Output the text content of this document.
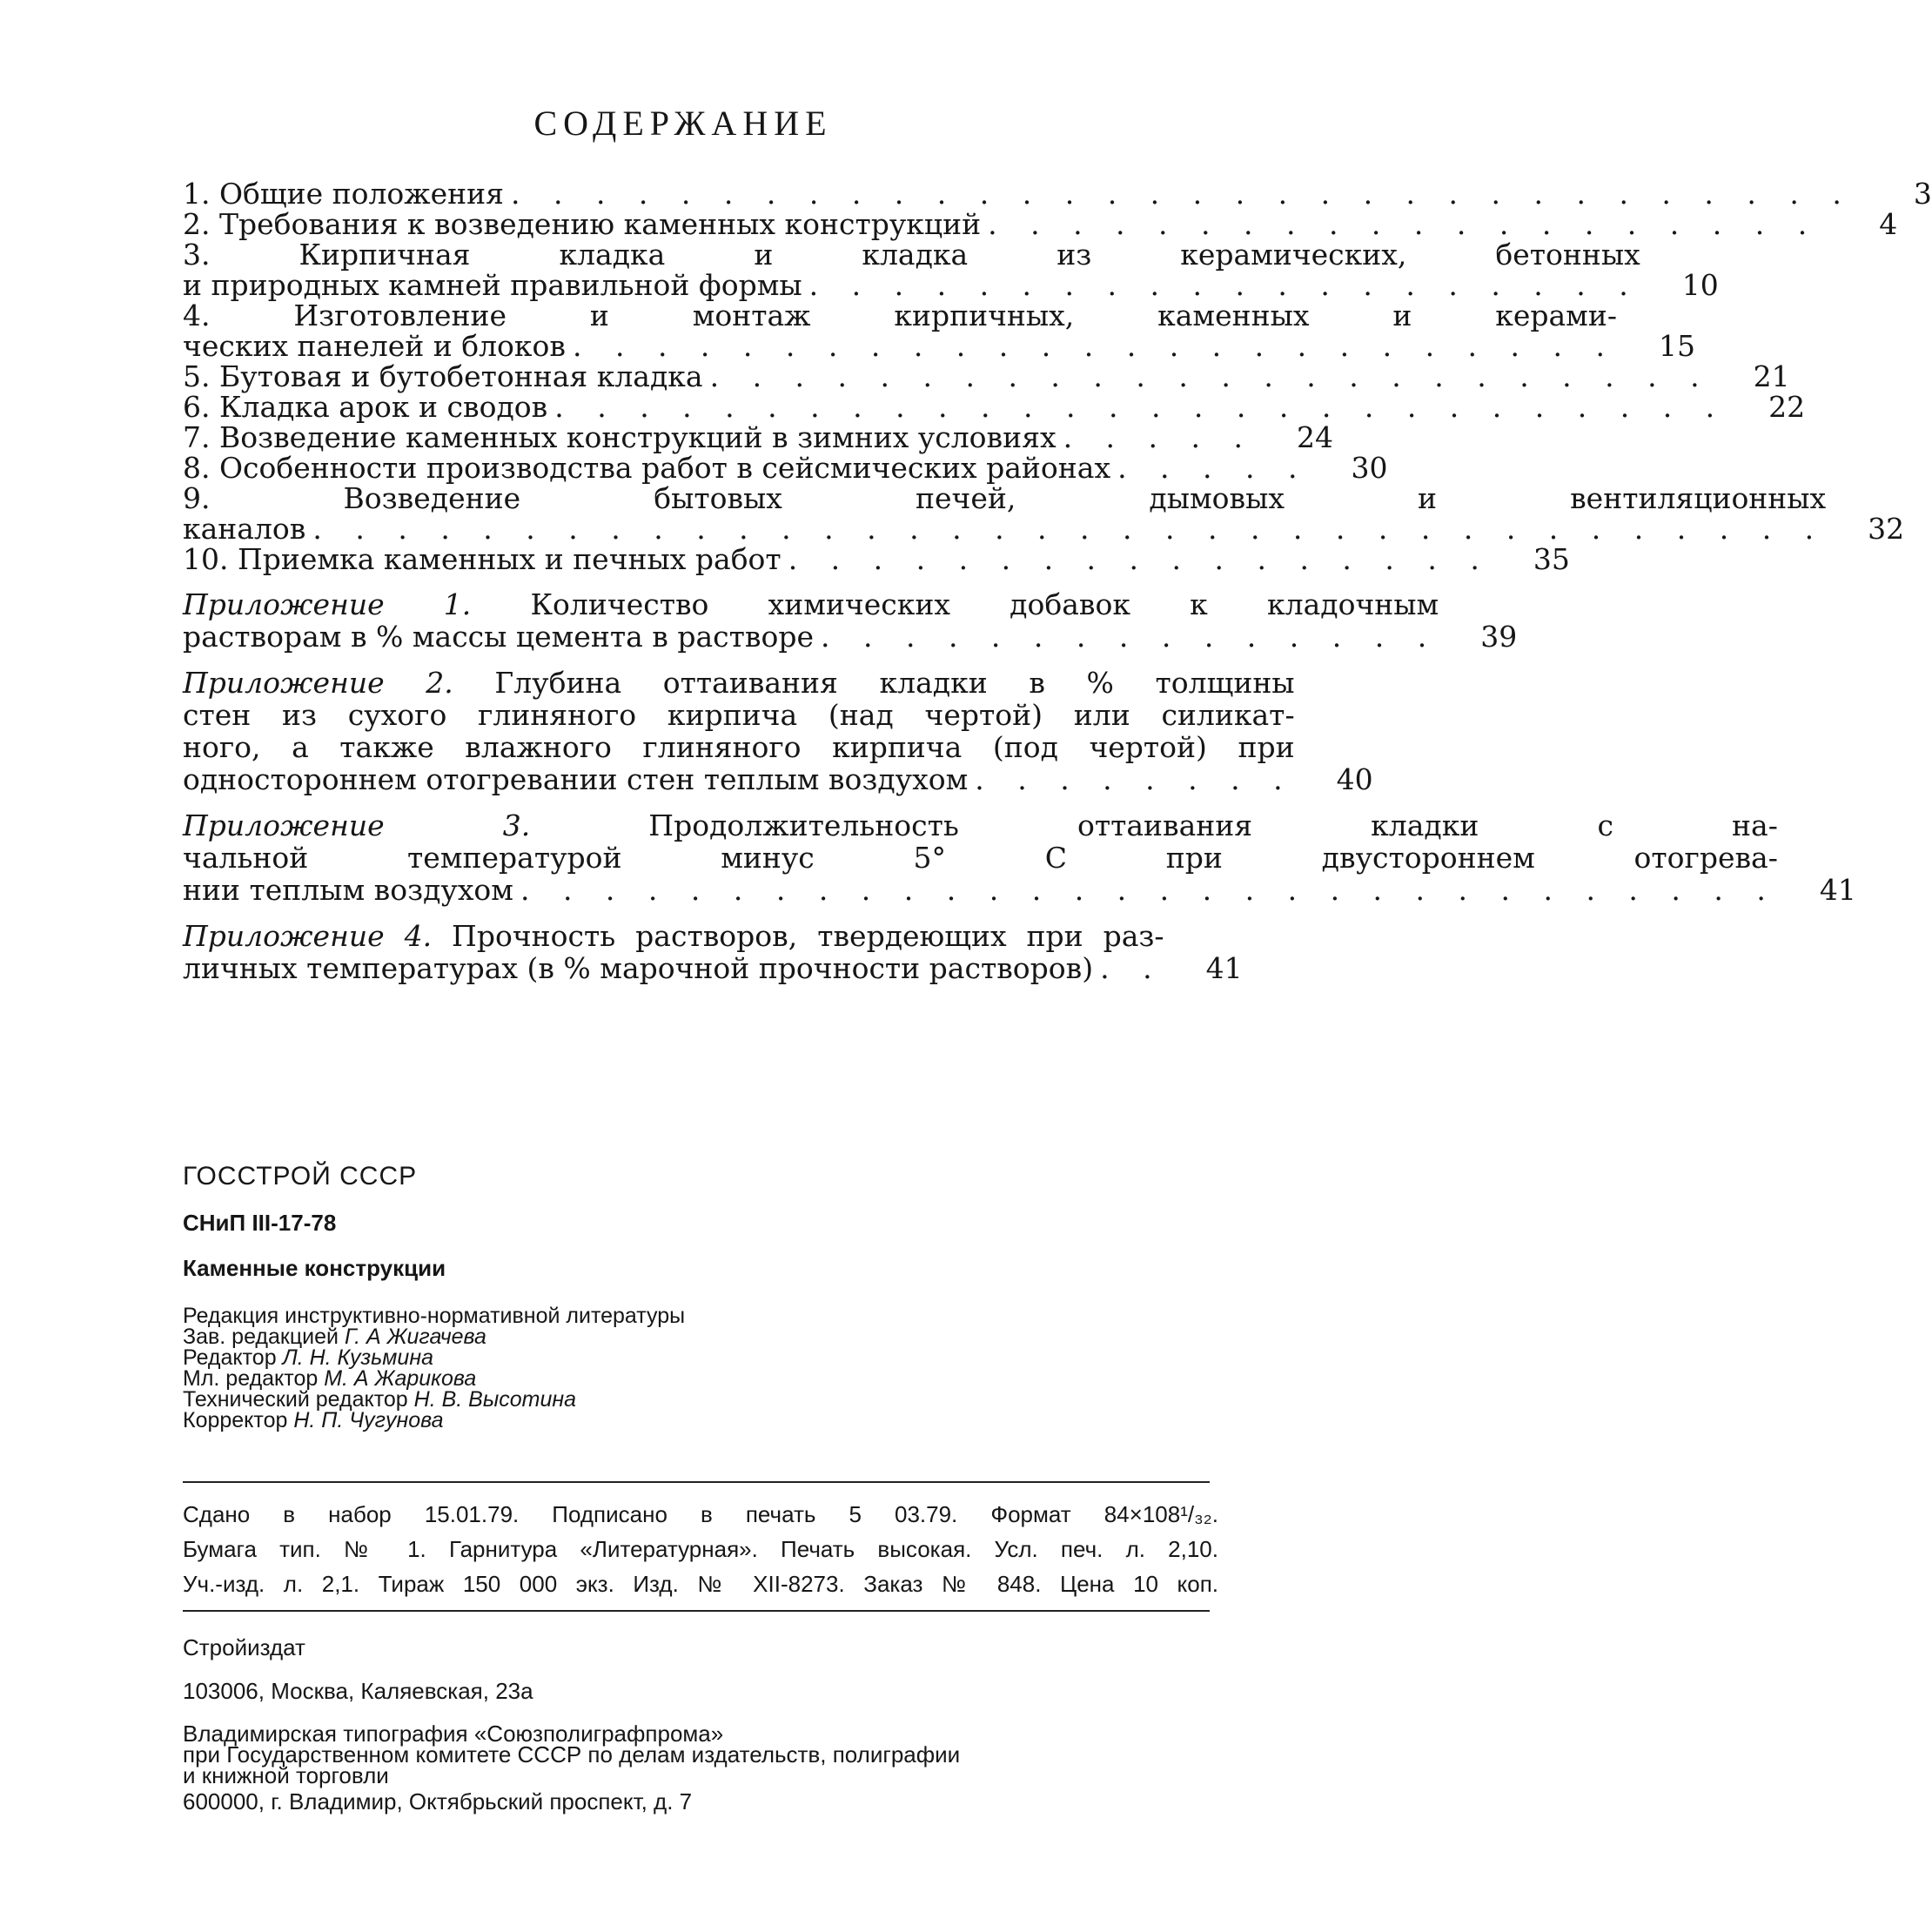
СОДЕРЖАНИЕ
1. Общие положения . . . . . . . . . . . . . . . . . . . . . . . . . . . . . . . .	3
2. Требования к возведению каменных конструкций . . . . . . . . . . . . . . . . . . . .	4
3. Кирпичная кладка и кладка из керамических, бетонных
и природных камней правильной формы . . . . . . . . . . . . . . . . . . . .	10
4. Изготовление и монтаж кирпичных, каменных и керами-
ческих панелей и блоков . . . . . . . . . . . . . . . . . . . . . . . . .	15
5. Бутовая и бутобетонная кладка . . . . . . . . . . . . . . . . . . . . . . . .	21
6. Кладка арок и сводов . . . . . . . . . . . . . . . . . . . . . . . . . . . .	22
7. Возведение каменных конструкций в зимних условиях . . . . .	24
8. Особенности производства работ в сейсмических районах . . . . .	30
9. Возведение бытовых печей, дымовых и вентиляционных
каналов . . . . . . . . . . . . . . . . . . . . . . . . . . . . . . . . . . . .	32
10. Приемка каменных и печных работ . . . . . . . . . . . . . . . . .	35
Приложение 1. Количество химических добавок к кладочным
растворам в % массы цемента в растворе . . . . . . . . . . . . . . .	39
Приложение 2. Глубина оттаивания кладки в % толщины
стен из сухого глиняного кирпича (над чертой) или силикат-
ного, а также влажного глиняного кирпича (под чертой) при
одностороннем отогревании стен теплым воздухом . . . . . . . .	40
Приложение 3.	Продолжительность оттаивания кладки с на-
чальной температурой минус 5° С при двустороннем отогрева-
нии теплым воздухом . . . . . . . . . . . . . . . . . . . . . . . . . . . . . .	41
Приложение 4. Прочность растворов, твердеющих при раз-
личных температурах (в % марочной прочности растворов) . .	41
ГОССТРОЙ СССР
СНиП III-17-78
Каменные конструкции
Редакция инструктивно-нормативной литературы
Зав. редакцией Г. А Жигачева
Редактор Л. Н. Кузьмина
Мл. редактор М. А Жарикова
Технический редактор Н. В. Высотина
Корректор Н. П. Чугунова
Сдано в набор 15.01.79. Подписано в печать 5 03.79. Формат 84×108¹/₃₂.
Бумага тип. № 1. Гарнитура «Литературная». Печать высокая. Усл. печ. л. 2,10.
Уч.-изд. л. 2,1. Тираж 150 000 экз. Изд. № XII-8273. Заказ № 848. Цена 10 коп.
Стройиздат
103006, Москва, Каляевская, 23а
Владимирская типография «Союзполиграфпрома»
при Государственном комитете СССР по делам издательств, полиграфии
и книжной торговли
600000, г. Владимир, Октябрьский проспект, д. 7
